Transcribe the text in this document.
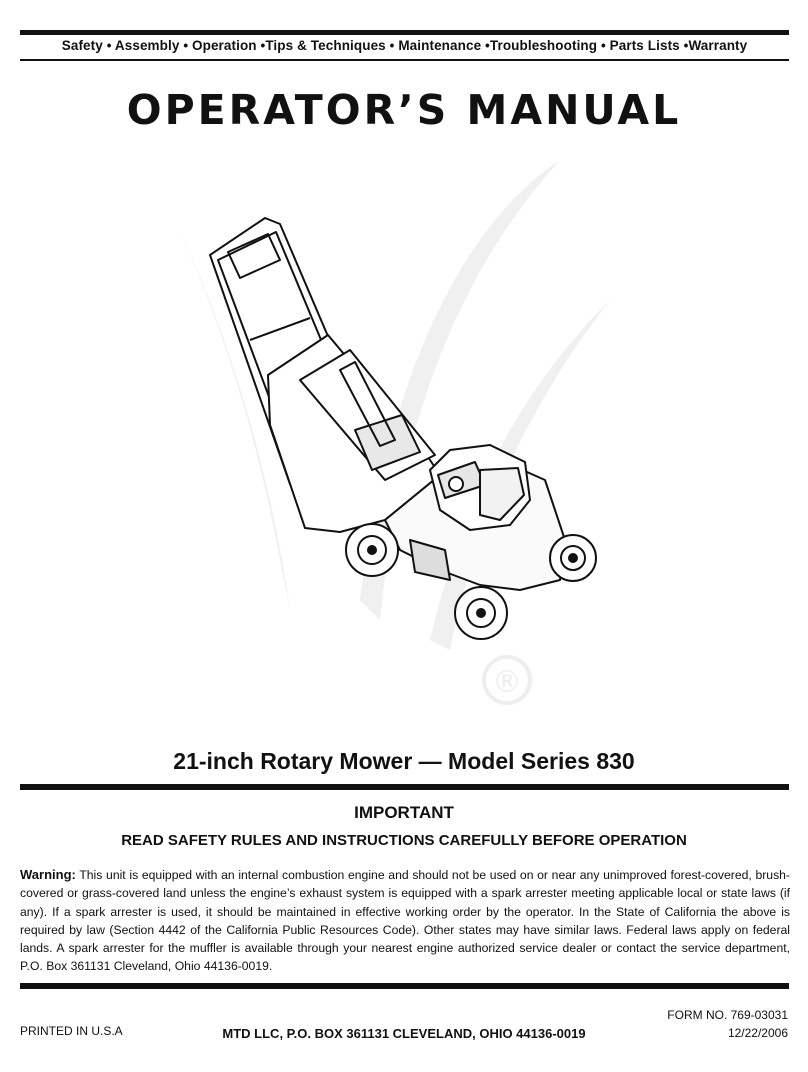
Safety • Assembly • Operation •Tips & Techniques • Maintenance •Troubleshooting • Parts Lists •Warranty
OPERATOR’S MANUAL
®
21-inch Rotary Mower — Model Series 830
IMPORTANT
READ SAFETY RULES AND INSTRUCTIONS CAREFULLY BEFORE OPERATION
Warning: This unit is equipped with an internal combustion engine and should not be used on or near any unimproved forest-covered, brush-covered or grass-covered land unless the engine’s exhaust system is equipped with a spark arrester meeting applicable local or state laws (if any). If a spark arrester is used, it should be maintained in effective working order by the operator. In the State of California the above is required by law (Section 4442 of the California Public Resources Code). Other states may have similar laws. Federal laws apply on federal lands. A spark arrester for the muffler is available through your nearest engine authorized service dealer or contact the service department, P.O. Box 361131 Cleveland, Ohio 44136-0019.
PRINTED IN U.S.A	MTD LLC, P.O. BOX 361131 CLEVELAND, OHIO 44136-0019
FORM NO. 769-03031
12/22/2006
